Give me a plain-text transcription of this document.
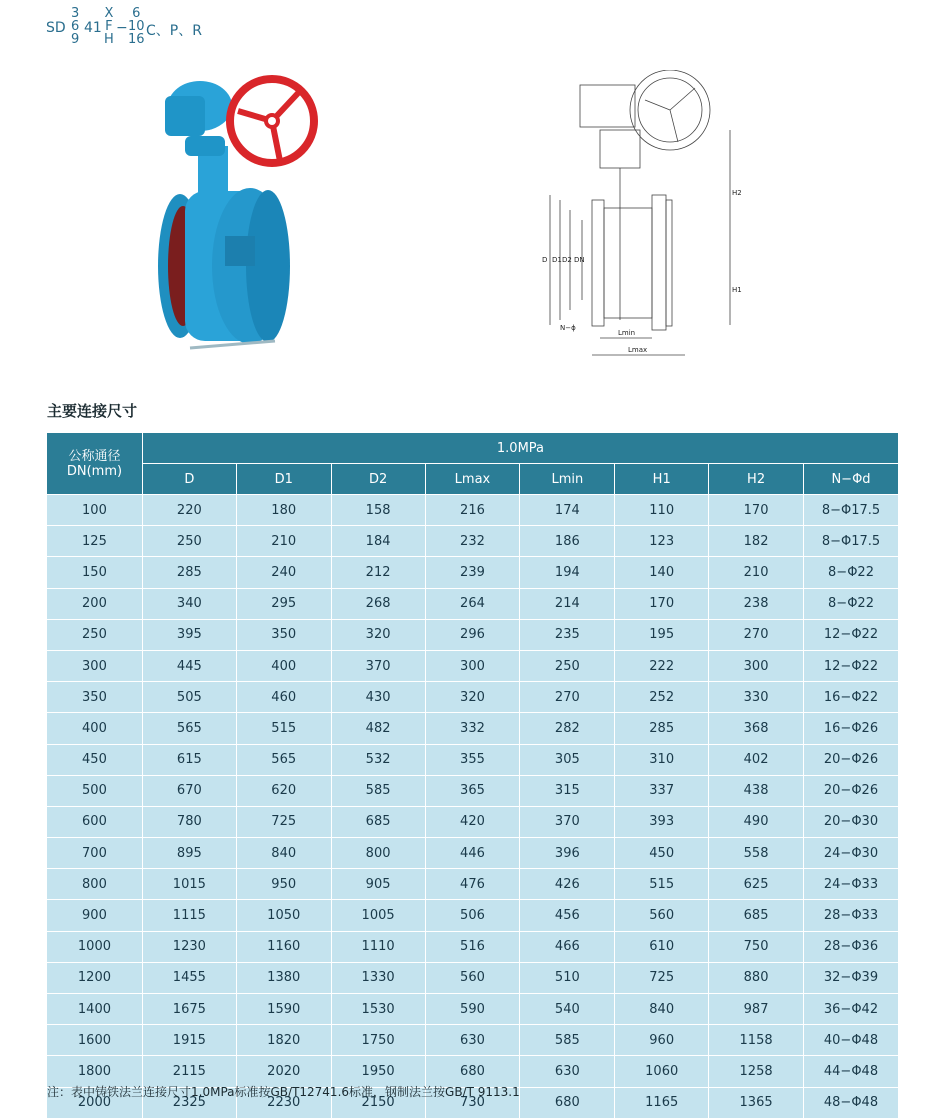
SD
3
6
9
41
X
F
H
−
6
10
16
C、P、R
D D1 D2 DN
H1
H2
Lmin
Lmax
N−ϕ
主要连接尺寸
公称通径
DN(mm)	1.0MPa							
	D	D1	D2	Lmax	Lmin	H1	H2	N−Φd
100	220	180	158	216	174	110	170	8−Φ17.5
125	250	210	184	232	186	123	182	8−Φ17.5
150	285	240	212	239	194	140	210	8−Φ22
200	340	295	268	264	214	170	238	8−Φ22
250	395	350	320	296	235	195	270	12−Φ22
300	445	400	370	300	250	222	300	12−Φ22
350	505	460	430	320	270	252	330	16−Φ22
400	565	515	482	332	282	285	368	16−Φ26
450	615	565	532	355	305	310	402	20−Φ26
500	670	620	585	365	315	337	438	20−Φ26
600	780	725	685	420	370	393	490	20−Φ30
700	895	840	800	446	396	450	558	24−Φ30
800	1015	950	905	476	426	515	625	24−Φ33
900	1115	1050	1005	506	456	560	685	28−Φ33
1000	1230	1160	1110	516	466	610	750	28−Φ36
1200	1455	1380	1330	560	510	725	880	32−Φ39
1400	1675	1590	1530	590	540	840	987	36−Φ42
1600	1915	1820	1750	630	585	960	1158	40−Φ48
1800	2115	2020	1950	680	630	1060	1258	44−Φ48
2000	2325	2230	2150	730	680	1165	1365	48−Φ48
注：表中铸铁法兰连接尺寸1.0MPa标准按GB/T12741.6标准，钢制法兰按GB/T 9113.1
